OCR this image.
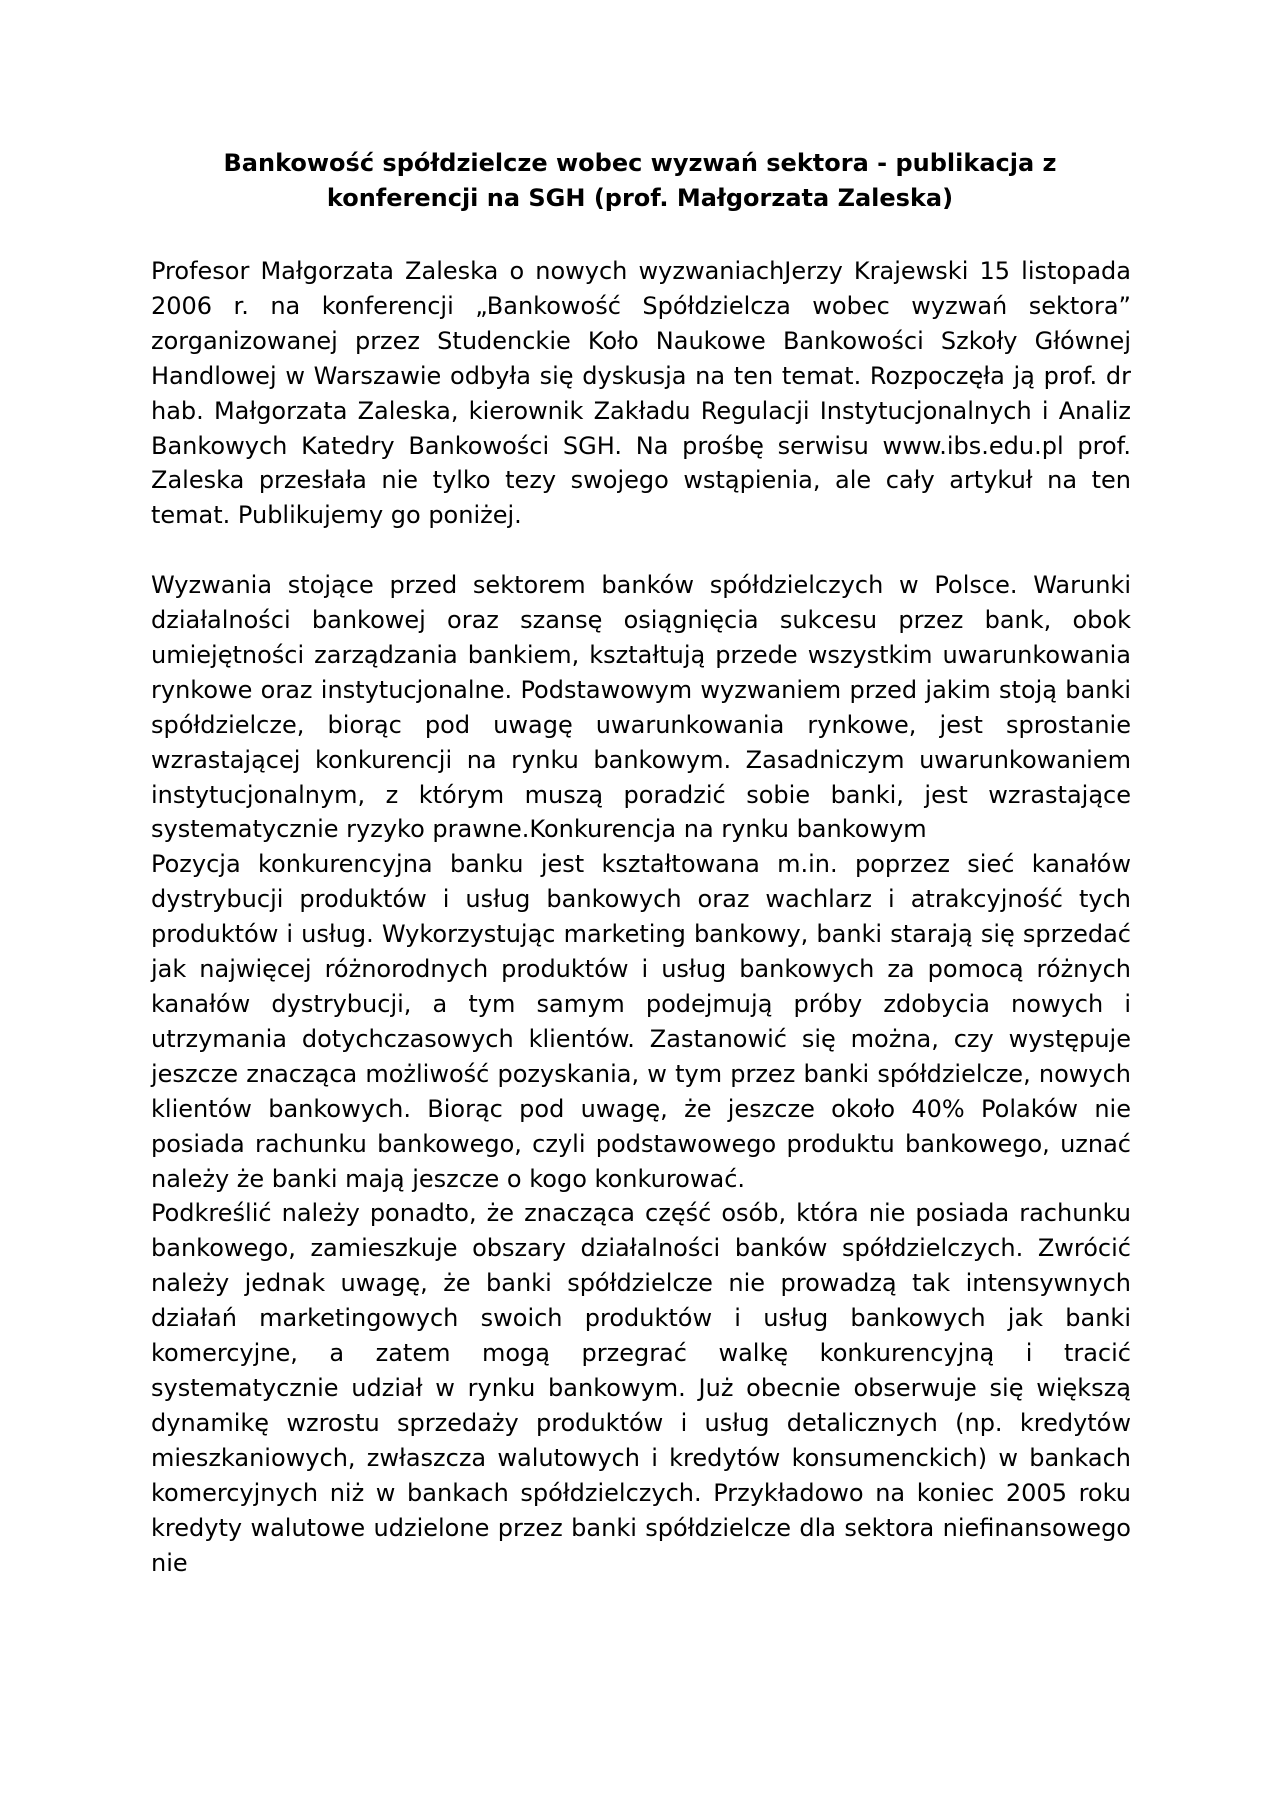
Bankowość spółdzielcze wobec wyzwań sektora - publikacja z konferencji na SGH (prof. Małgorzata Zaleska)

Profesor Małgorzata Zaleska o nowych wyzwaniachJerzy Krajewski 15 listopada 2006 r. na konferencji „Bankowość Spółdzielcza wobec wyzwań sektora” zorganizowanej przez Studenckie Koło Naukowe Bankowości Szkoły Głównej Handlowej w Warszawie odbyła się dyskusja na ten temat. Rozpoczęła ją prof. dr hab. Małgorzata Zaleska, kierownik Zakładu Regulacji Instytucjonalnych i Analiz Bankowych Katedry Bankowości SGH. Na prośbę serwisu www.ibs.edu.pl prof. Zaleska przesłała nie tylko tezy swojego wstąpienia, ale cały artykuł na ten temat. Publikujemy go poniżej.

Wyzwania stojące przed sektorem banków spółdzielczych w Polsce. Warunki działalności bankowej oraz szansę osiągnięcia sukcesu przez bank, obok umiejętności zarządzania bankiem, kształtują przede wszystkim uwarunkowania rynkowe oraz instytucjonalne. Podstawowym wyzwaniem przed jakim stoją banki spółdzielcze, biorąc pod uwagę uwarunkowania rynkowe, jest sprostanie wzrastającej konkurencji na rynku bankowym. Zasadniczym uwarunkowaniem instytucjonalnym, z którym muszą poradzić sobie banki, jest wzrastające systematycznie ryzyko prawne.Konkurencja na rynku bankowym

Pozycja konkurencyjna banku jest kształtowana m.in. poprzez sieć kanałów dystrybucji produktów i usług bankowych oraz wachlarz i atrakcyjność tych produktów i usług. Wykorzystując marketing bankowy, banki starają się sprzedać jak najwięcej różnorodnych produktów i usług bankowych za pomocą różnych kanałów dystrybucji, a tym samym podejmują próby zdobycia nowych i utrzymania dotychczasowych klientów. Zastanowić się można, czy występuje jeszcze znacząca możliwość pozyskania, w tym przez banki spółdzielcze, nowych klientów bankowych. Biorąc pod uwagę, że jeszcze około 40% Polaków nie posiada rachunku bankowego, czyli podstawowego produktu bankowego, uznać należy że banki mają jeszcze o kogo konkurować.

Podkreślić należy ponadto, że znacząca część osób, która nie posiada rachunku bankowego, zamieszkuje obszary działalności banków spółdzielczych. Zwrócić należy jednak uwagę, że banki spółdzielcze nie prowadzą tak intensywnych działań marketingowych swoich produktów i usług bankowych jak banki komercyjne, a zatem mogą przegrać walkę konkurencyjną i tracić systematycznie udział w rynku bankowym. Już obecnie obserwuje się większą dynamikę wzrostu sprzedaży produktów i usług detalicznych (np. kredytów mieszkaniowych, zwłaszcza walutowych i kredytów konsumenckich) w bankach komercyjnych niż w bankach spółdzielczych. Przykładowo na koniec 2005 roku kredyty walutowe udzielone przez banki spółdzielcze dla sektora niefinansowego nie
